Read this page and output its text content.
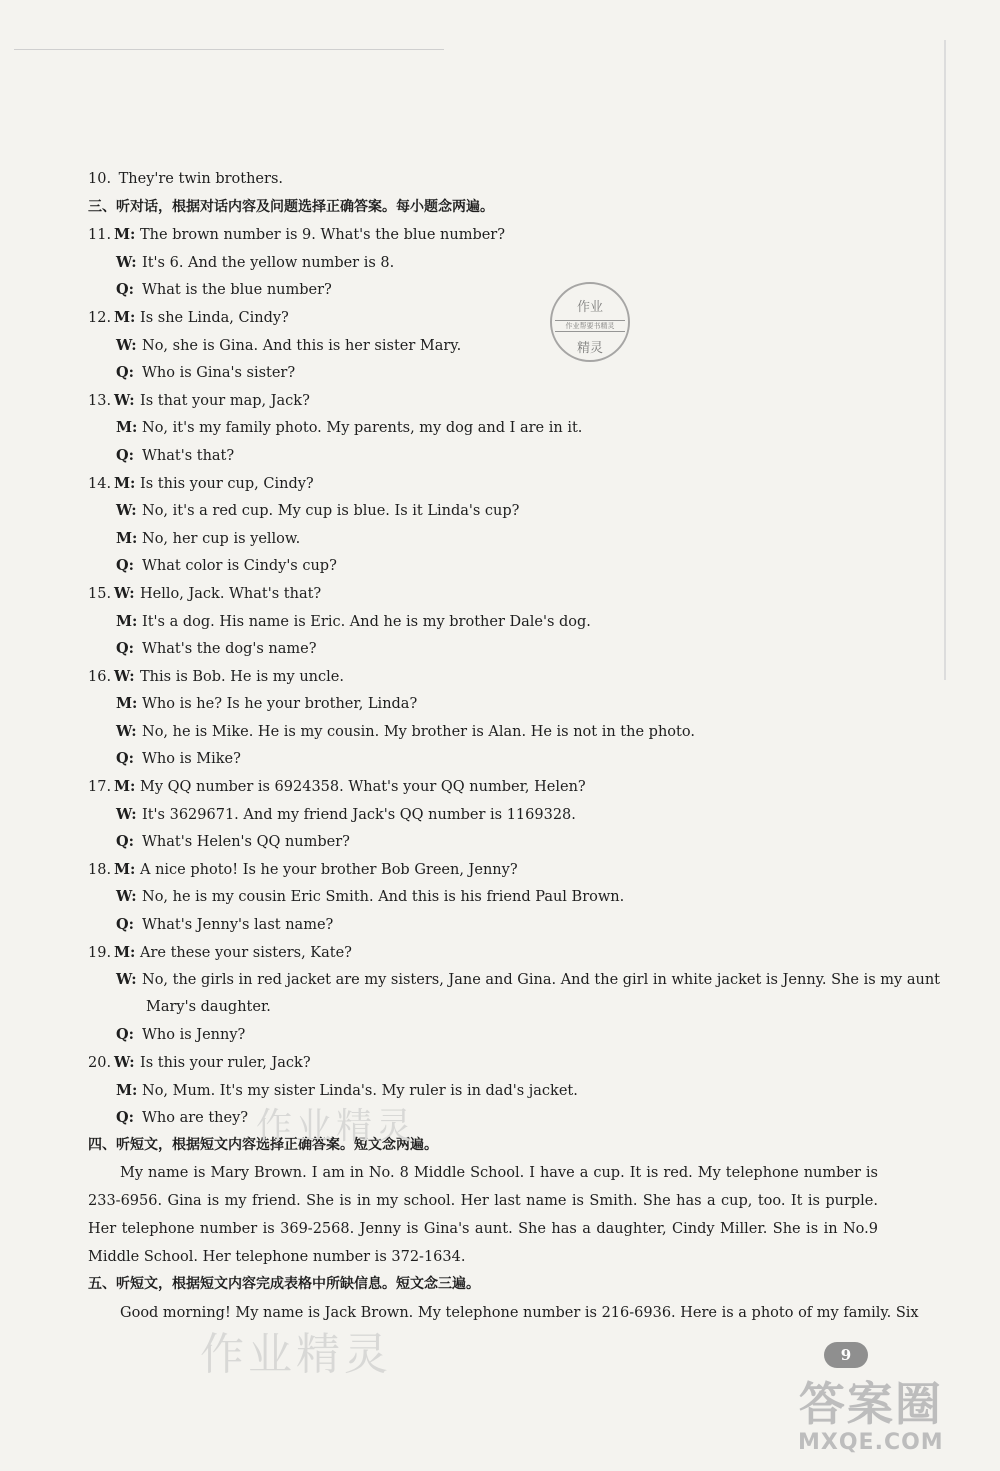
10. They're twin brothers.
三、听对话，根据对话内容及问题选择正确答案。每小题念两遍。
11. M: The brown number is 9. What's the blue number?
W: It's 6. And the yellow number is 8.
Q: What is the blue number?
12. M: Is she Linda, Cindy?
W: No, she is Gina. And this is her sister Mary.
Q: Who is Gina's sister?
13. W: Is that your map, Jack?
M: No, it's my family photo. My parents, my dog and I are in it.
Q: What's that?
14. M: Is this your cup, Cindy?
W: No, it's a red cup. My cup is blue. Is it Linda's cup?
M: No, her cup is yellow.
Q: What color is Cindy's cup?
15. W: Hello, Jack. What's that?
M: It's a dog. His name is Eric. And he is my brother Dale's dog.
Q: What's the dog's name?
16. W: This is Bob. He is my uncle.
M: Who is he? Is he your brother, Linda?
W: No, he is Mike. He is my cousin. My brother is Alan. He is not in the photo.
Q: Who is Mike?
17. M: My QQ number is 6924358. What's your QQ number, Helen?
W: It's 3629671. And my friend Jack's QQ number is 1169328.
Q: What's Helen's QQ number?
18. M: A nice photo! Is he your brother Bob Green, Jenny?
W: No, he is my cousin Eric Smith. And this is his friend Paul Brown.
Q: What's Jenny's last name?
19. M: Are these your sisters, Kate?
W: No, the girls in red jacket are my sisters, Jane and Gina. And the girl in white jacket is Jenny. She is my aunt
Mary's daughter.
Q: Who is Jenny?
20. W: Is this your ruler, Jack?
M: No, Mum. It's my sister Linda's. My ruler is in dad's jacket.
Q: Who are they?
四、听短文，根据短文内容选择正确答案。短文念两遍。
My name is Mary Brown. I am in No. 8 Middle School. I have a cup. It is red. My telephone number is 233-6956. Gina is my friend. She is in my school. Her last name is Smith. She has a cup, too. It is purple. Her telephone number is 369-2568. Jenny is Gina's aunt. She has a daughter, Cindy Miller. She is in No.9 Middle School. Her telephone number is 372-1634.
五、听短文，根据短文内容完成表格中所缺信息。短文念三遍。
Good morning! My name is Jack Brown. My telephone number is 216-6936. Here is a photo of my family. Six
作业
作业帮要书精灵
精灵
作业精灵
作业精灵	9
答案圈
MXQE.COM
